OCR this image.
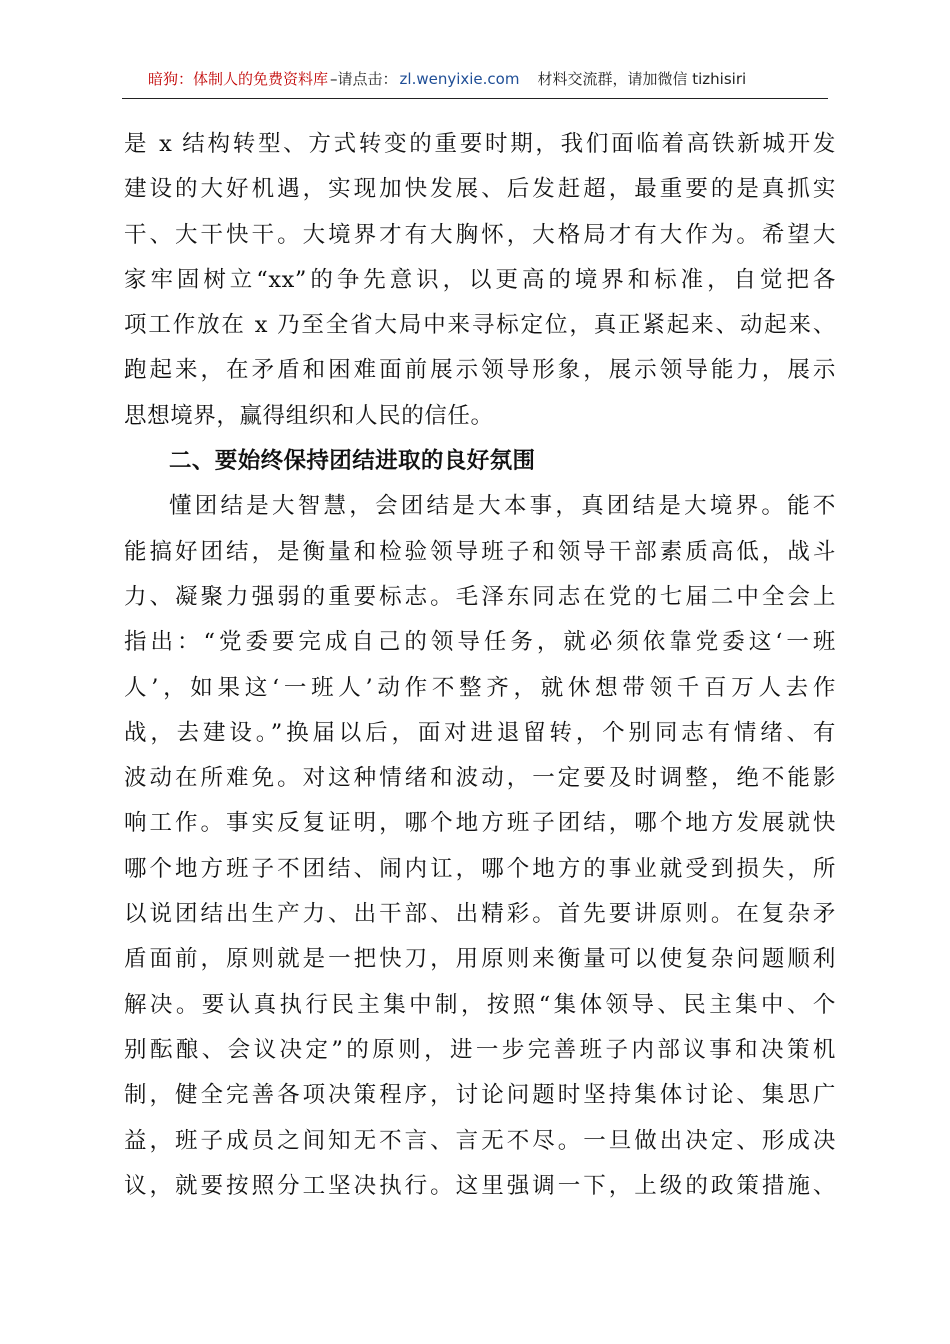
暗狗：体制人的免费资料库 –请点击： zl.wenyixie.com 材料交流群，请加微信 tizhisiri
是 x 结构转型、方式转变的重要时期，我们面临着高铁新城开发
建设的大好机遇，实现加快发展、后发赶超，最重要的是真抓实
干、大干快干。大境界才有大胸怀，大格局才有大作为。希望大
家牢固树立“xx”的争先意识，以更高的境界和标准，自觉把各
项工作放在 x 乃至全省大局中来寻标定位，真正紧起来、动起来、
跑起来，在矛盾和困难面前展示领导形象，展示领导能力，展示
思想境界，赢得组织和人民的信任。
二、要始终保持团结进取的良好氛围
懂团结是大智慧，会团结是大本事，真团结是大境界。能不
能搞好团结，是衡量和检验领导班子和领导干部素质高低，战斗
力、凝聚力强弱的重要标志。毛泽东同志在党的七届二中全会上
指出：“党委要完成自己的领导任务，就必须依靠党委这‘一班
人’，如果这‘一班人’动作不整齐，就休想带领千百万人去作
战，去建设。”换届以后，面对进退留转，个别同志有情绪、有
波动在所难免。对这种情绪和波动，一定要及时调整，绝不能影
响工作。事实反复证明，哪个地方班子团结，哪个地方发展就快
哪个地方班子不团结、闹内讧，哪个地方的事业就受到损失，所
以说团结出生产力、出干部、出精彩。首先要讲原则。在复杂矛
盾面前，原则就是一把快刀，用原则来衡量可以使复杂问题顺利
解决。要认真执行民主集中制，按照“集体领导、民主集中、个
别酝酿、会议决定”的原则，进一步完善班子内部议事和决策机
制，健全完善各项决策程序，讨论问题时坚持集体讨论、集思广
益，班子成员之间知无不言、言无不尽。一旦做出决定、形成决
议，就要按照分工坚决执行。这里强调一下，上级的政策措施、
